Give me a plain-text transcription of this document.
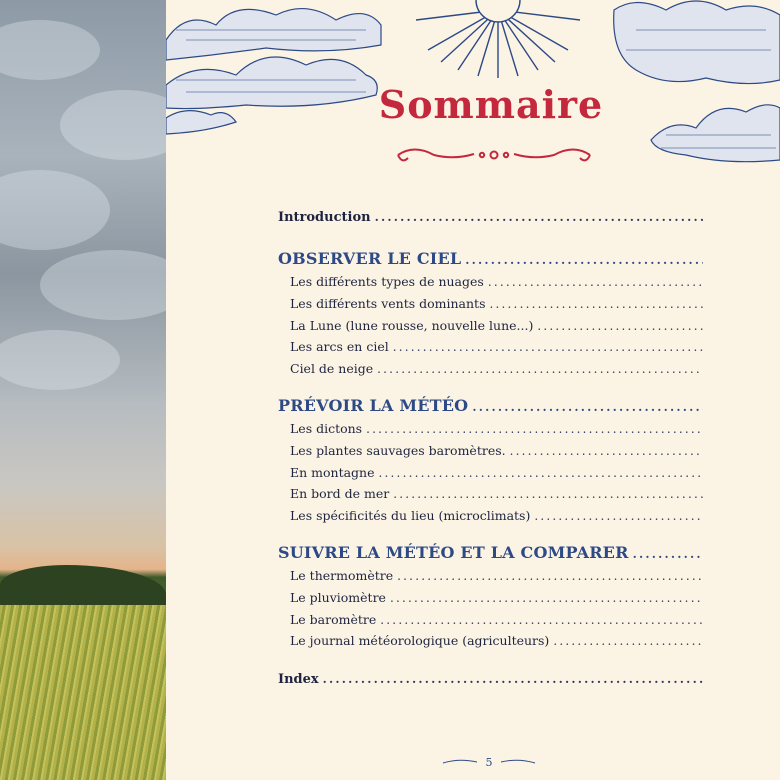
Sommaire
Introduction
.....
OBSERVER LE CIEL
.....
Les différents types de nuages
.....
Les différents vents dominants
.....
La Lune (lune rousse, nouvelle lune...)
.....
Les arcs en ciel
.....
Ciel de neige
.....
PRÉVOIR LA MÉTÉO
.....
Les dictons
.....
Les plantes sauvages baromètres.
.....
En montagne
.....
En bord de mer
.....
Les spécificités du lieu (microclimats)
.....
SUIVRE LA MÉTÉO ET LA COMPARER
.....
Le thermomètre
.....
Le pluviomètre
.....
Le baromètre
.....
Le journal météorologique (agriculteurs)
.....
Index
.....
5
